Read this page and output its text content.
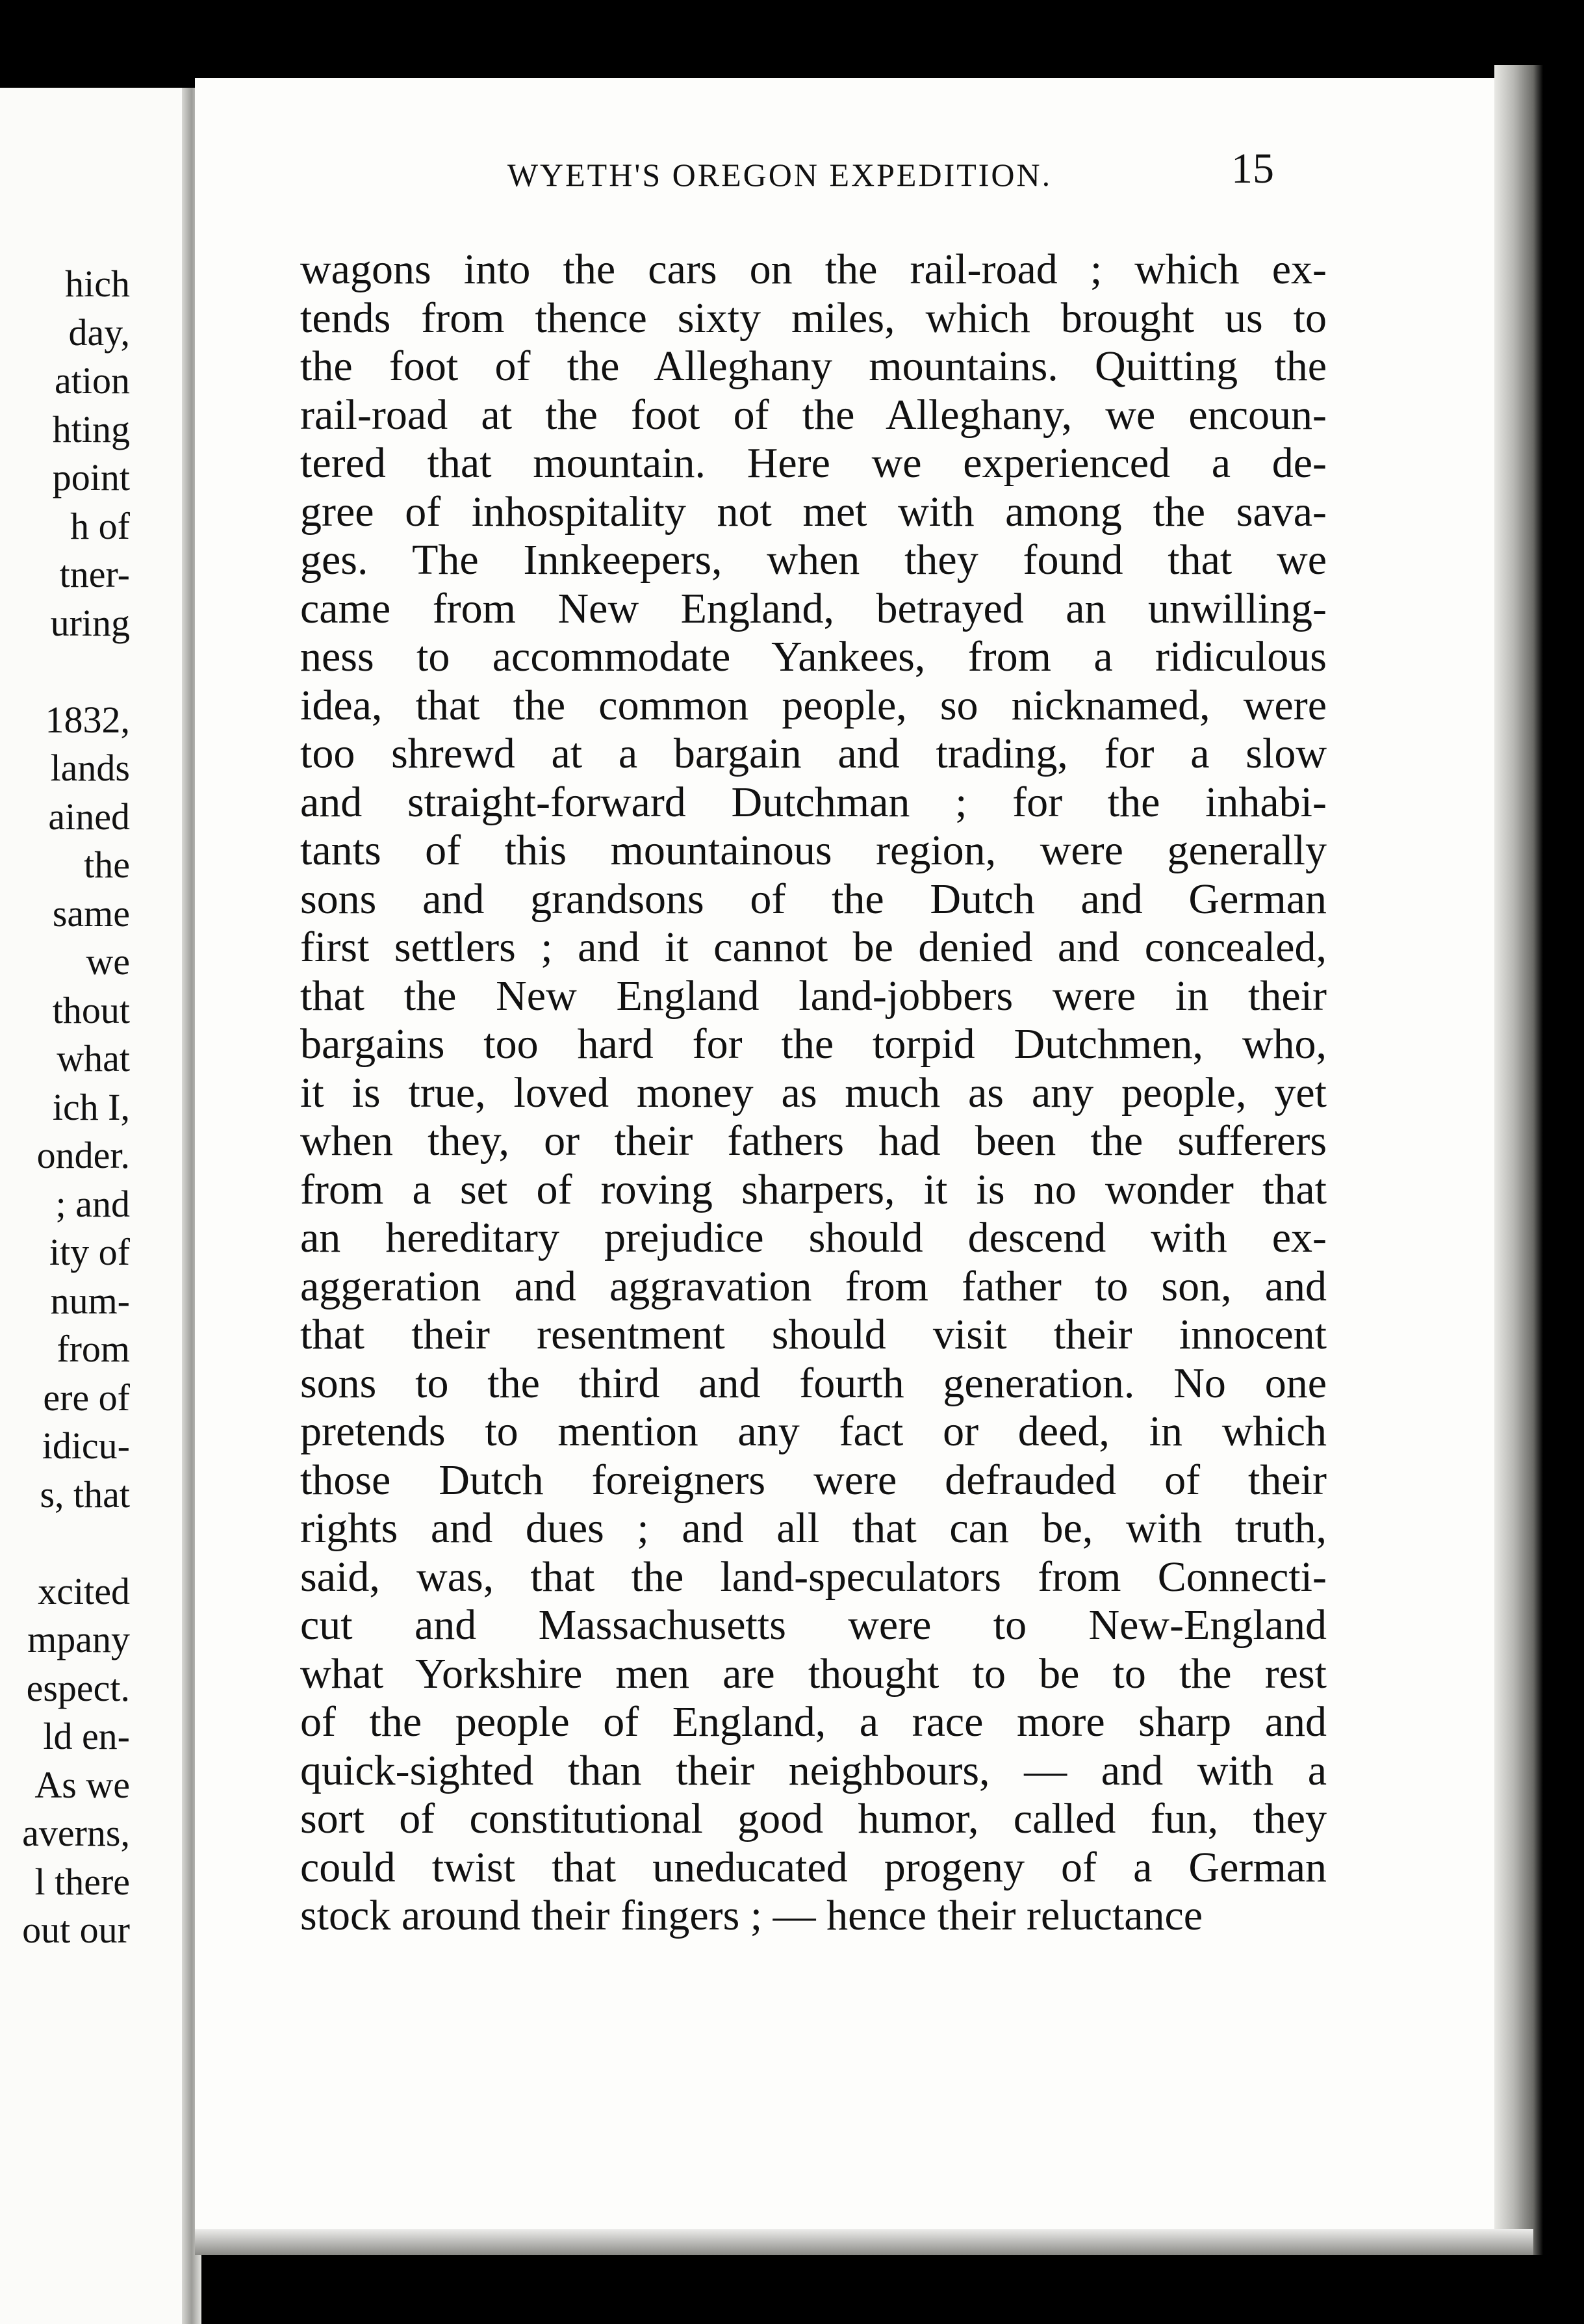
hich
day,
ation
hting
point
h of
tner-
uring
1832,
lands
ained
the
same
we
thout
what
ich I,
onder.
; and
ity of
num-
from
ere of
idicu-
s, that
xcited
mpany
espect.
ld en-
As we
averns,
l there
out our
WYETH'S OREGON EXPEDITION.	15
wagons into the cars on the rail-road ; which ex-
tends from thence sixty miles, which brought us to
the foot of the Alleghany mountains. Quitting the
rail-road at the foot of the Alleghany, we encoun-
tered that mountain. Here we experienced a de-
gree of inhospitality not met with among the sava-
ges. The Innkeepers, when they found that we
came from New England, betrayed an unwilling-
ness to accommodate Yankees, from a ridiculous
idea, that the common people, so nicknamed, were
too shrewd at a bargain and trading, for a slow
and straight-forward Dutchman ; for the inhabi-
tants of this mountainous region, were generally
sons and grandsons of the Dutch and German
first settlers ; and it cannot be denied and concealed,
that the New England land-jobbers were in their
bargains too hard for the torpid Dutchmen, who,
it is true, loved money as much as any people, yet
when they, or their fathers had been the sufferers
from a set of roving sharpers, it is no wonder that
an hereditary prejudice should descend with ex-
aggeration and aggravation from father to son, and
that their resentment should visit their innocent
sons to the third and fourth generation. No one
pretends to mention any fact or deed, in which
those Dutch foreigners were defrauded of their
rights and dues ; and all that can be, with truth,
said, was, that the land-speculators from Connecti-
cut and Massachusetts were to New-England
what Yorkshire men are thought to be to the rest
of the people of England, a race more sharp and
quick-sighted than their neighbours, — and with a
sort of constitutional good humor, called fun, they
could twist that uneducated progeny of a German
stock around their fingers ; — hence their reluctance
